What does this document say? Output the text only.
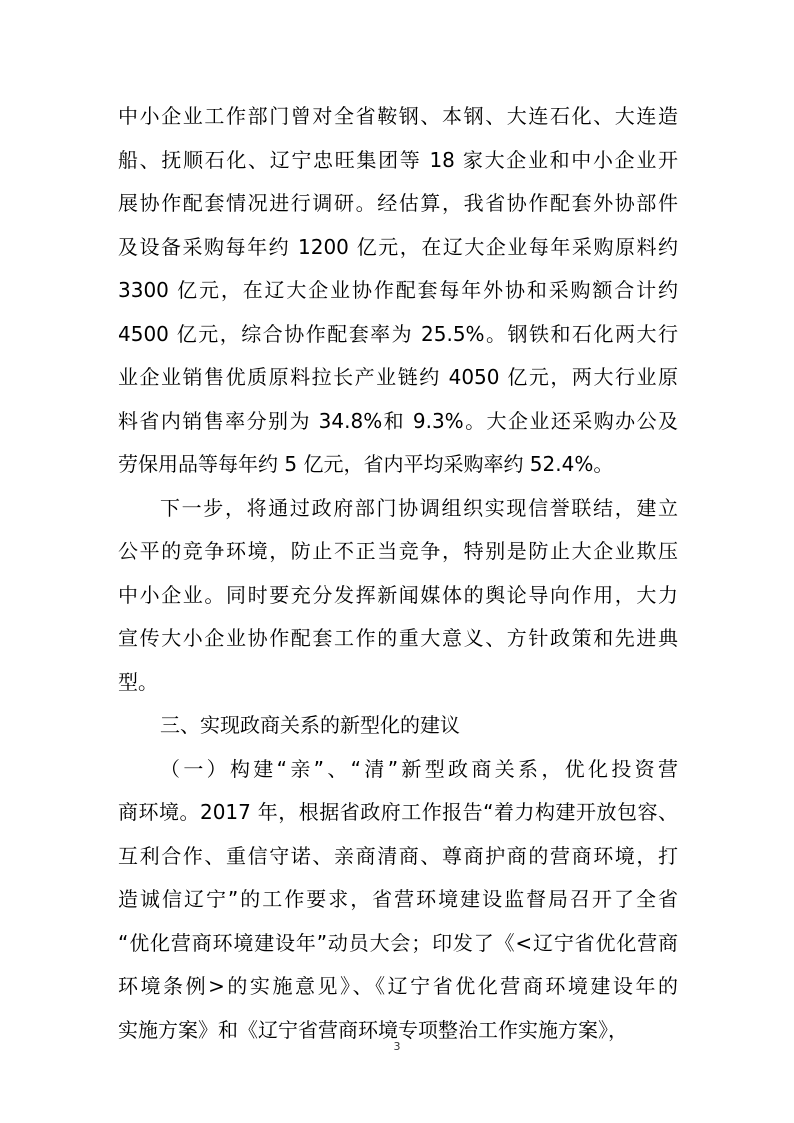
中小企业工作部门曾对全省鞍钢、本钢、大连石化、大连造
船、抚顺石化、辽宁忠旺集团等 18 家大企业和中小企业开
展协作配套情况进行调研。经估算，我省协作配套外协部件
及设备采购每年约 1200 亿元，在辽大企业每年采购原料约
3300 亿元，在辽大企业协作配套每年外协和采购额合计约
4500 亿元，综合协作配套率为 25.5%。钢铁和石化两大行
业企业销售优质原料拉长产业链约 4050 亿元，两大行业原
料省内销售率分别为 34.8%和 9.3%。大企业还采购办公及
劳保用品等每年约 5 亿元，省内平均采购率约 52.4%。
下一步，将通过政府部门协调组织实现信誉联结，建立
公平的竞争环境，防止不正当竞争，特别是防止大企业欺压
中小企业。同时要充分发挥新闻媒体的舆论导向作用，大力
宣传大小企业协作配套工作的重大意义、方针政策和先进典
型。
三、实现政商关系的新型化的建议
（一）构建“亲”、“清”新型政商关系，优化投资营
商环境。2017 年，根据省政府工作报告“着力构建开放包容、
互利合作、重信守诺、亲商清商、尊商护商的营商环境，打
造诚信辽宁”的工作要求，省营环境建设监督局召开了全省
“优化营商环境建设年”动员大会；印发了《<辽宁省优化营商
环境条例>的实施意见》、《辽宁省优化营商环境建设年的
实施方案》和《辽宁省营商环境专项整治工作实施方案》，
3
